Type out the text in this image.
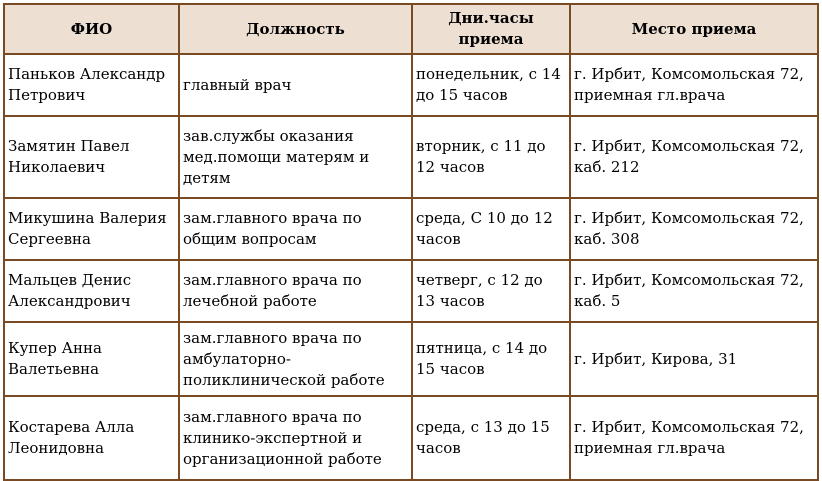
ФИО	Должность	Дни.часы приема	Место приема
Паньков Александр Петрович	главный врач	понедельник, с 14 до 15 часов	г. Ирбит, Комсомольская 72, приемная гл.врача
Замятин Павел Николаевич	зав.службы оказания мед.помощи матерям и детям	вторник, с 11 до 12 часов	г. Ирбит, Комсомольская 72, каб. 212
Микушина Валерия Сергеевна	зам.главного врача по общим вопросам	среда, С 10 до 12 часов	г. Ирбит, Комсомольская 72, каб. 308
Мальцев Денис Александрович	зам.главного врача по лечебной работе	четверг, с 12 до 13 часов	г. Ирбит, Комсомольская 72, каб. 5
Купер Анна Валетьевна	зам.главного врача по амбулаторно-поликлинической работе	пятница, с 14 до 15 часов	г. Ирбит, Кирова, 31
Костарева Алла Леонидовна	зам.главного врача по клинико-экспертной и организационной работе	среда, с 13 до 15 часов	г. Ирбит, Комсомольская 72, приемная гл.врача
